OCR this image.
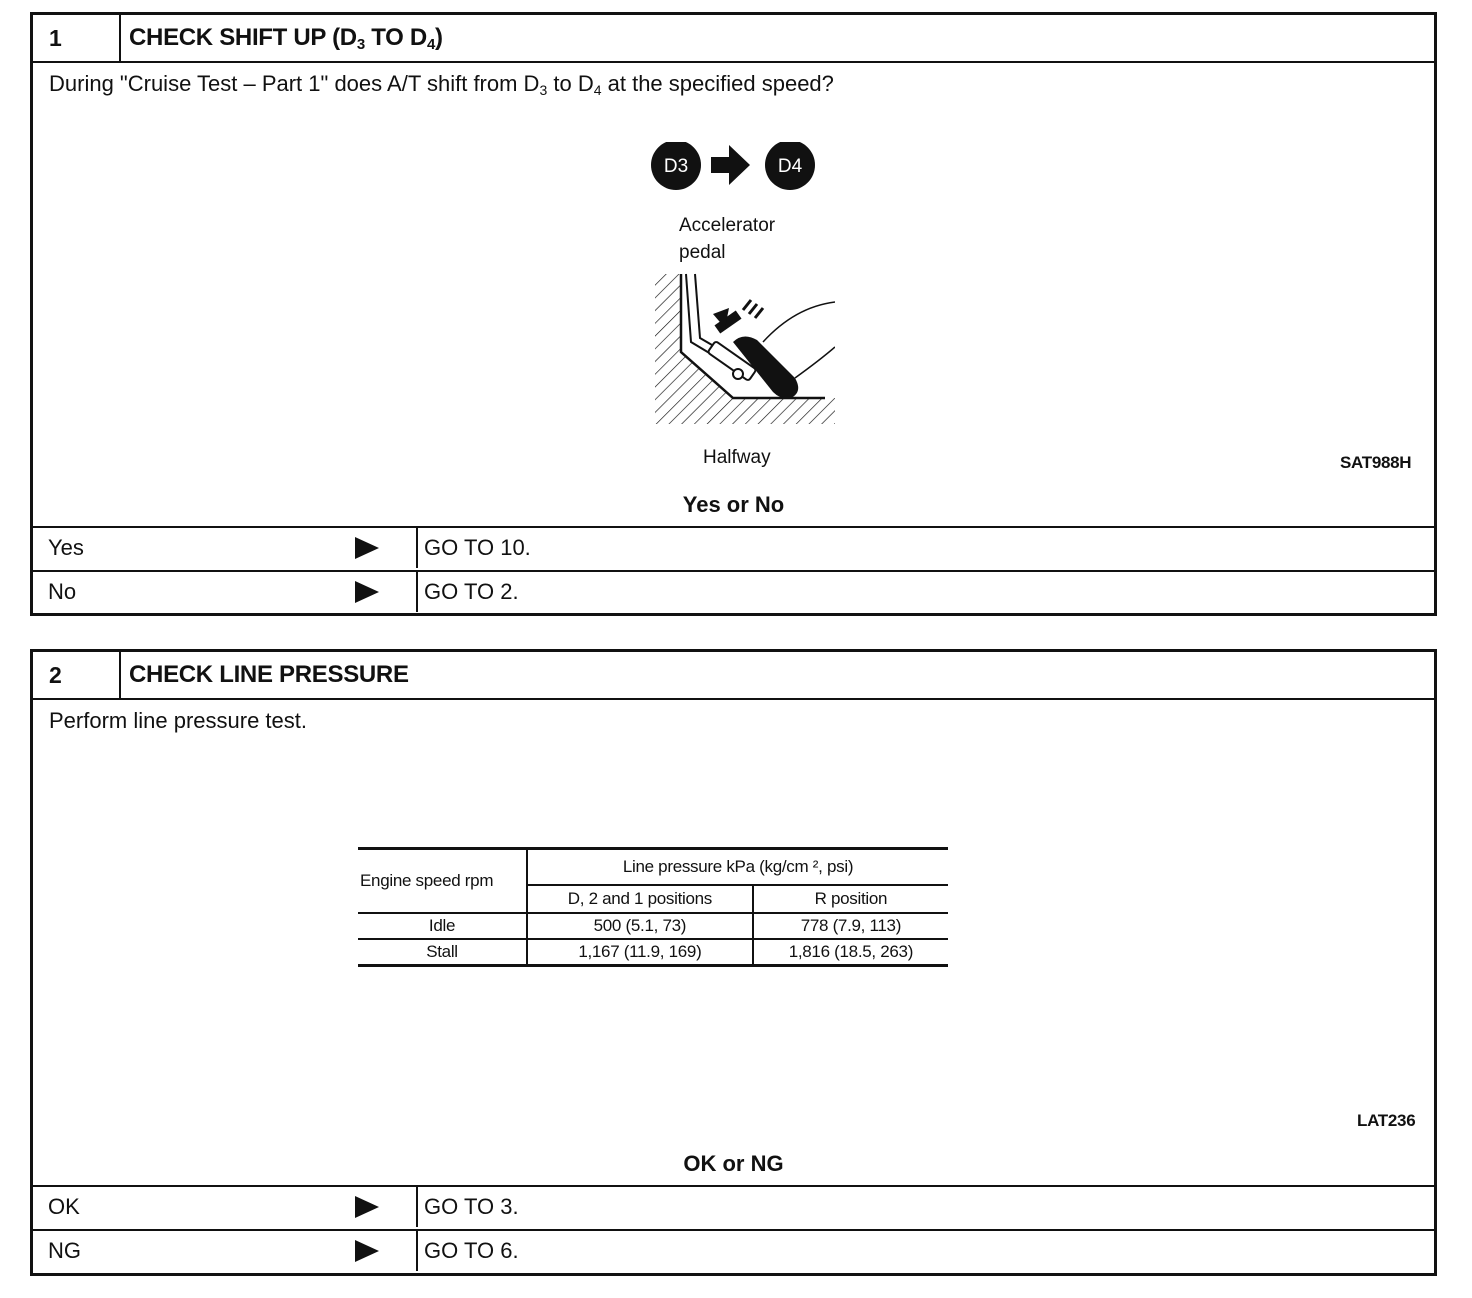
1	CHECK SHIFT UP ($D_3$ TO $D_4$)
During "Cruise Test – Part 1" does A/T shift from $D_3$ to $D_4$ at the specified speed?
D3	D4
Accelerator
pedal
Halfway	SAT988H
Yes or No
Yes	GO TO 10.
No	GO TO 2.
2	CHECK LINE PRESSURE
Perform line pressure test.
Engine speed rpm	Line pressure kPa (kg/cm ², psi)	
	D, 2 and 1 positions	R position
Idle	500 (5.1, 73)	778 (7.9, 113)
Stall	1,167 (11.9, 169)	1,816 (18.5, 263)
LAT236
OK or NG
OK	GO TO 3.
NG	GO TO 6.
